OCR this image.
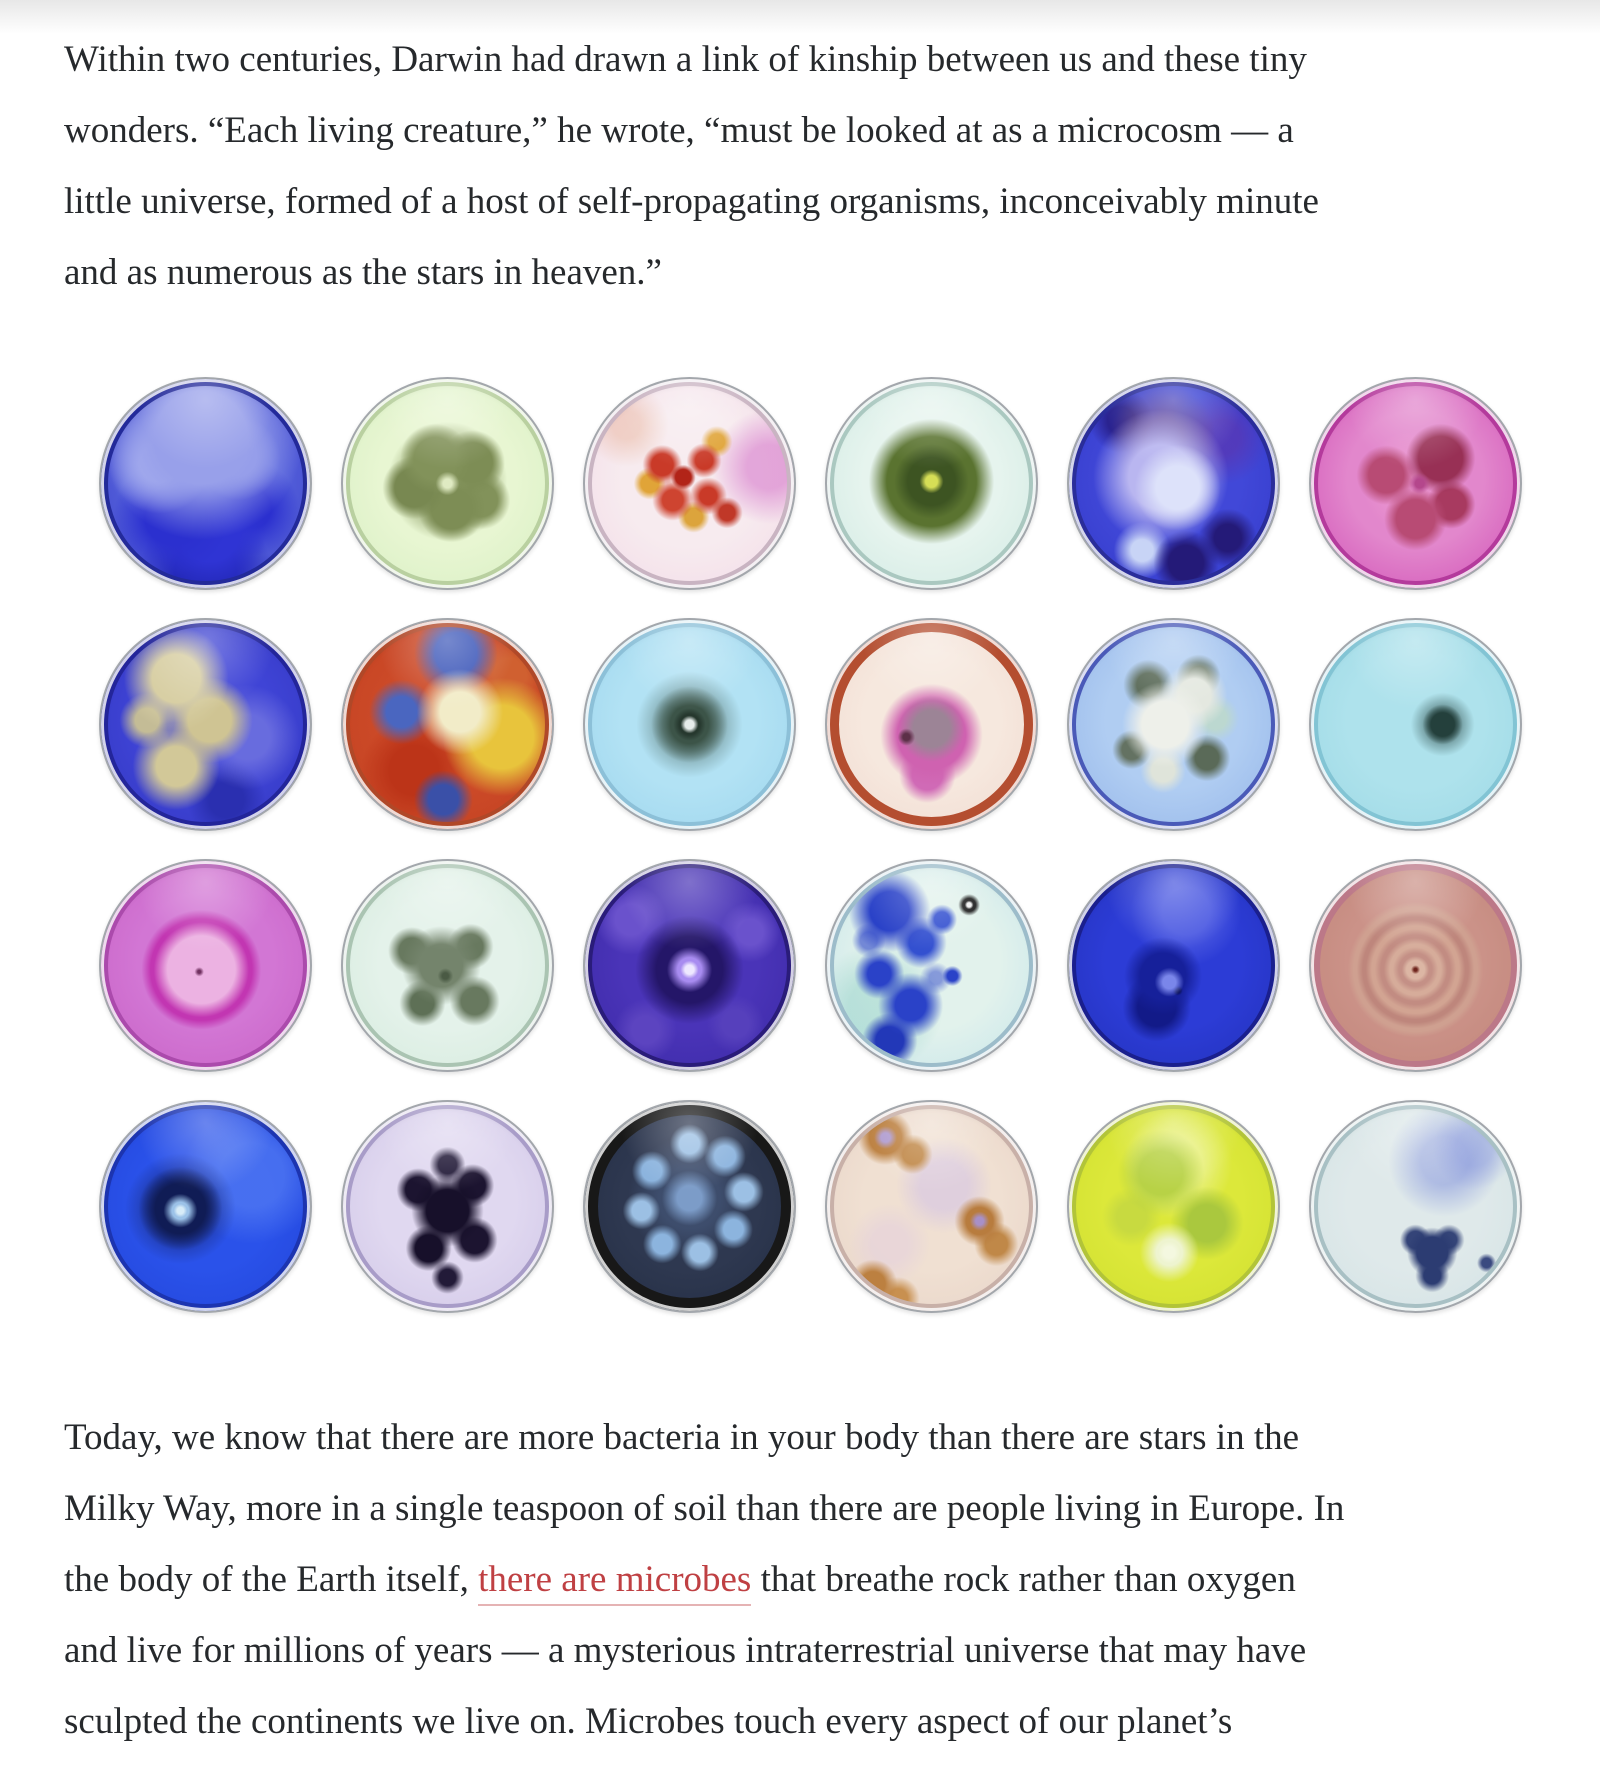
Within two centuries, Darwin had drawn a link of kinship between us and these tiny
wonders. “Each living creature,” he wrote, “must be looked at as a microcosm — a
little universe, formed of a host of self-propagating organisms, inconceivably minute
and as numerous as the stars in heaven.”
Today, we know that there are more bacteria in your body than there are stars in the
Milky Way, more in a single teaspoon of soil than there are people living in Europe. In
the body of the Earth itself, there are microbes that breathe rock rather than oxygen
and live for millions of years — a mysterious intraterrestrial universe that may have
sculpted the continents we live on. Microbes touch every aspect of our planet’s
